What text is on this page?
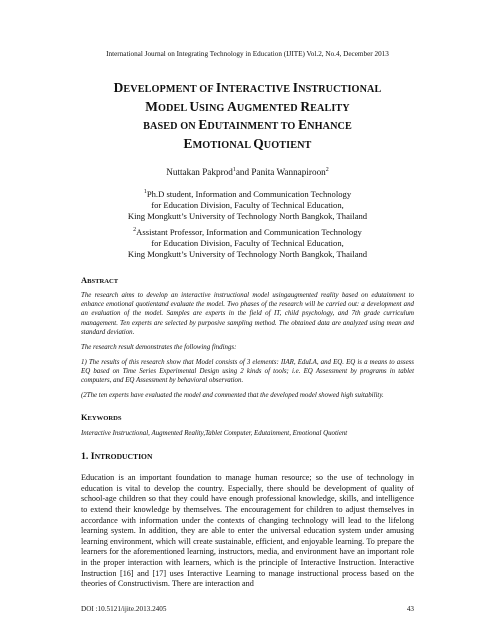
International Journal on Integrating Technology in Education (IJITE) Vol.2, No.4, December 2013
DEVELOPMENT OF INTERACTIVE INSTRUCTIONAL
MODEL USING AUGMENTED REALITY
BASED ON EDUTAINMENT TO ENHANCE
EMOTIONAL QUOTIENT
Nuttakan Pakprod$^1$and Panita Wannapiroon$^2$
$^1$Ph.D student, Information and Communication Technology
for Education Division, Faculty of Technical Education,
King Mongkutt’s University of Technology North Bangkok, Thailand
$^2$Assistant Professor, Information and Communication Technology
for Education Division, Faculty of Technical Education,
King Mongkutt’s University of Technology North Bangkok, Thailand
ABSTRACT
The research aims to develop an interactive instructional model usingaugmented reality based on edutainment to enhance emotional quotientand evaluate the model. Two phases of the research will be carried out: a development and an evaluation of the model. Samples are experts in the field of IT, child psychology, and 7th grade curriculum management. Ten experts are selected by purposive sampling method. The obtained data are analyzed using mean and standard deviation.
The research result demonstrates the following findings:
1) The results of this research show that Model consists of 3 elements: IIAR, EduLA, and EQ. EQ is a means to assess EQ based on Time Series Experimental Design using 2 kinds of tools; i.e. EQ Assessment by programs in tablet computers, and EQ Assessment by behavioral observation.
(2The ten experts have evaluated the model and commented that the developed model showed high suitability.
KEYWORDS
Interactive Instructional, Augmented Reality,Tablet Computer, Edutainment, Emotional Quotient
1. INTRODUCTION
Education is an important foundation to manage human resource; so the use of technology in education is vital to develop the country. Especially, there should be development of quality of school-age children so that they could have enough professional knowledge, skills, and intelligence to extend their knowledge by themselves. The encouragement for children to adjust themselves in accordance with information under the contexts of changing technology will lead to the lifelong learning system. In addition, they are able to enter the universal education system under amusing learning environment, which will create sustainable, efficient, and enjoyable learning. To prepare the learners for the aforementioned learning, instructors, media, and environment have an important role in the proper interaction with learners, which is the principle of Interactive Instruction. Interactive Instruction [16] and [17] uses Interactive Learning to manage instructional process based on the theories of Constructivism. There are interaction and
DOI :10.5121/ijite.2013.2405	43
